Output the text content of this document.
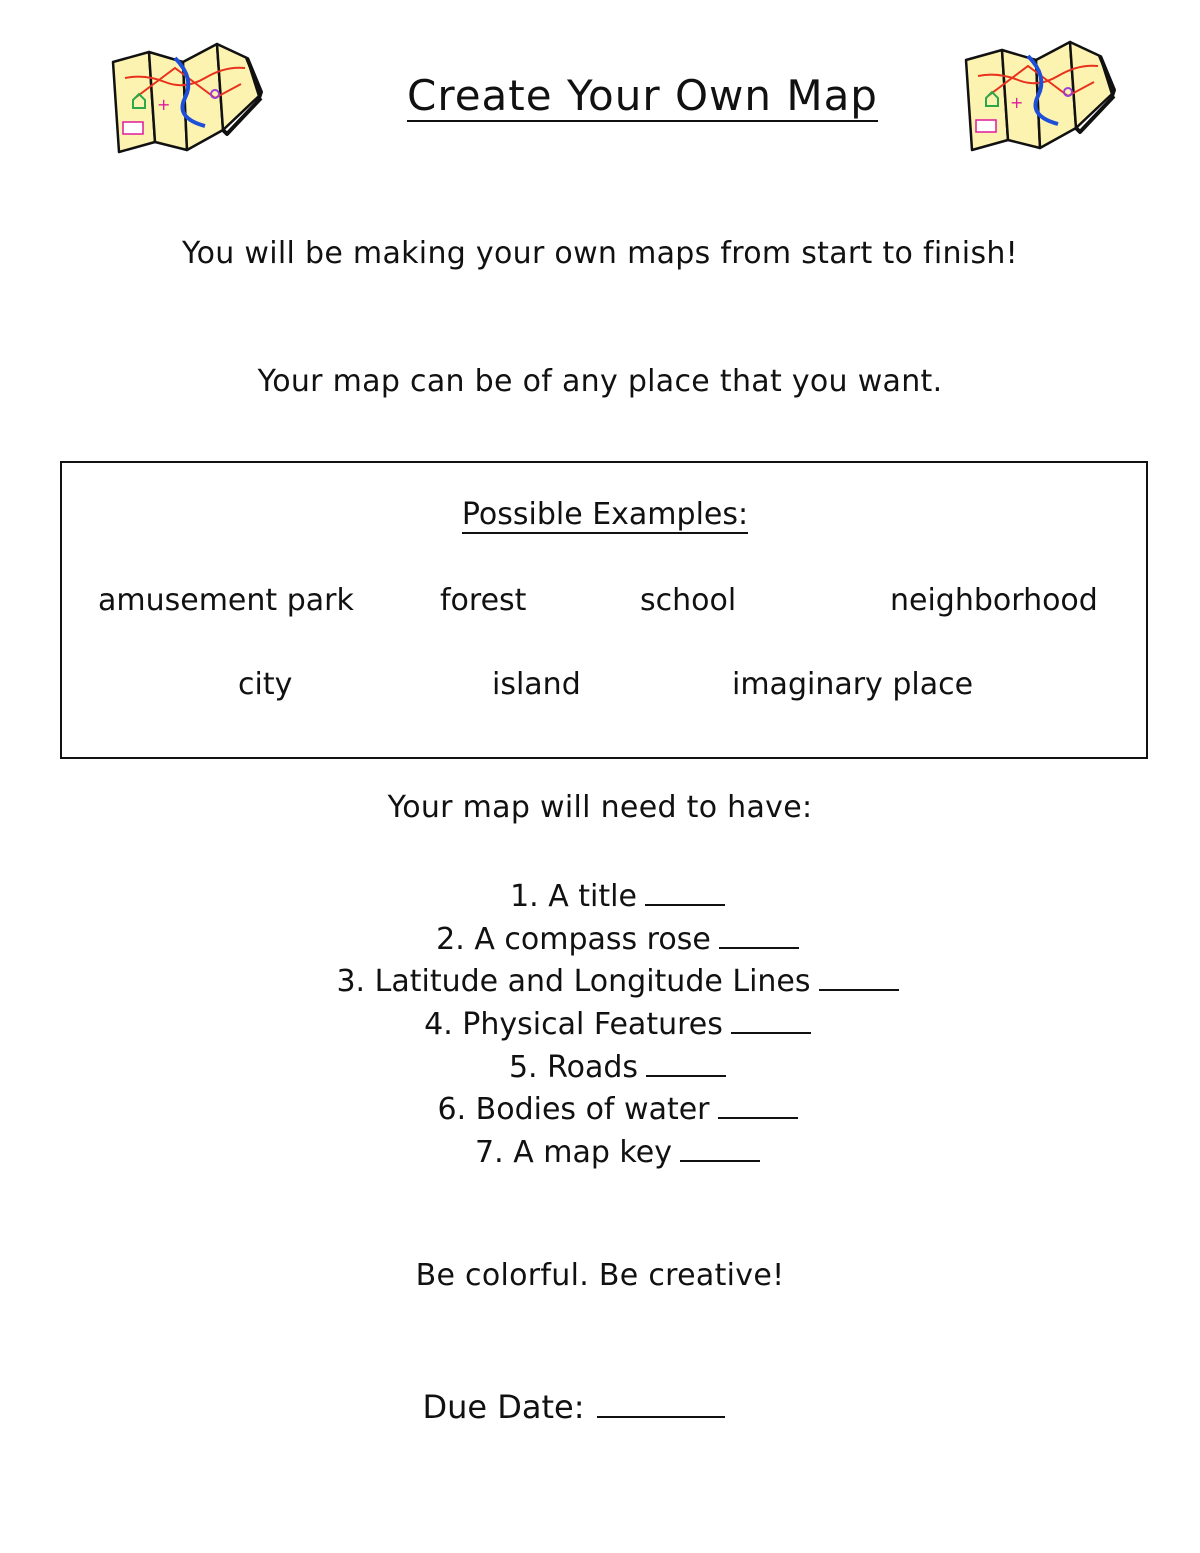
+	+
Create Your Own Map
You will be making your own maps from start to finish!
Your map can be of any place that you want.
Possible Examples:
amusement park	forest	school	neighborhood
city	island	imaginary place
Your map will need to have:
1. A title
2. A compass rose
3. Latitude and Longitude Lines
4. Physical Features
5. Roads
6. Bodies of water
7. A map key
Be colorful. Be creative!
Due Date:
